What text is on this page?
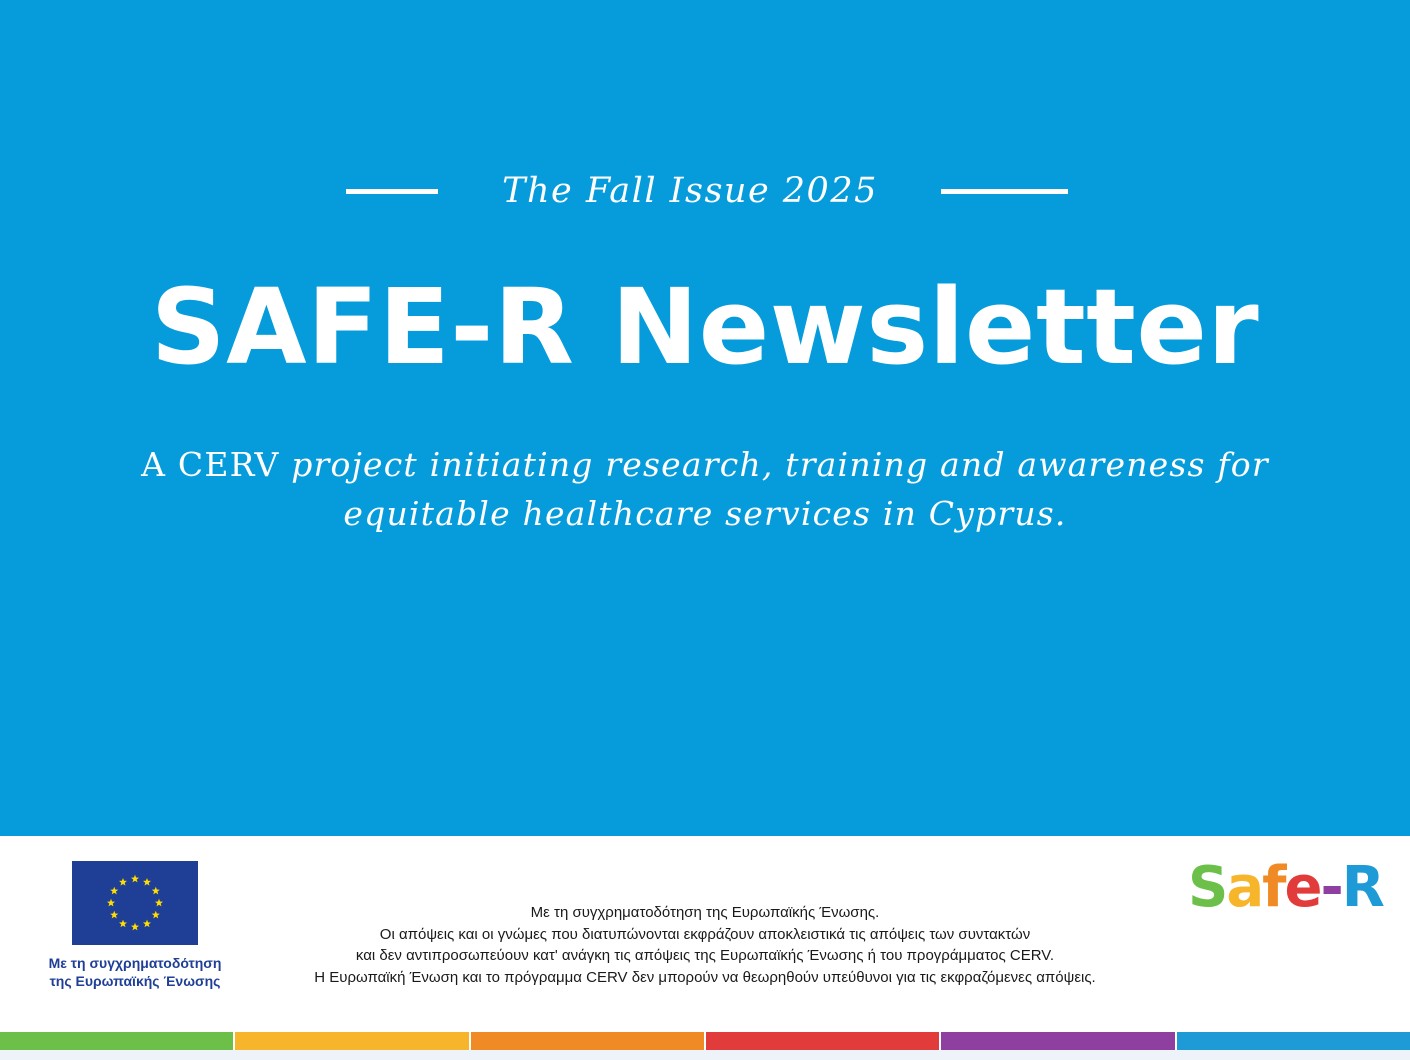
The Fall Issue 2025
SAFE-R Newsletter
A CERV project initiating research, training and awareness for equitable healthcare services in Cyprus.
Με τη συγχρηματοδότηση
της Ευρωπαϊκής Ένωσης
Με τη συγχρηματοδότηση της Ευρωπαϊκής Ένωσης.
Οι απόψεις και οι γνώμες που διατυπώνονται εκφράζουν αποκλειστικά τις απόψεις των συντακτών
και δεν αντιπροσωπεύουν κατ' ανάγκη τις απόψεις της Ευρωπαϊκής Ένωσης ή του προγράμματος CERV.
Η Ευρωπαϊκή Ένωση και το πρόγραμμα CERV δεν μπορούν να θεωρηθούν υπεύθυνοι για τις εκφραζόμενες απόψεις.
Safe-R
